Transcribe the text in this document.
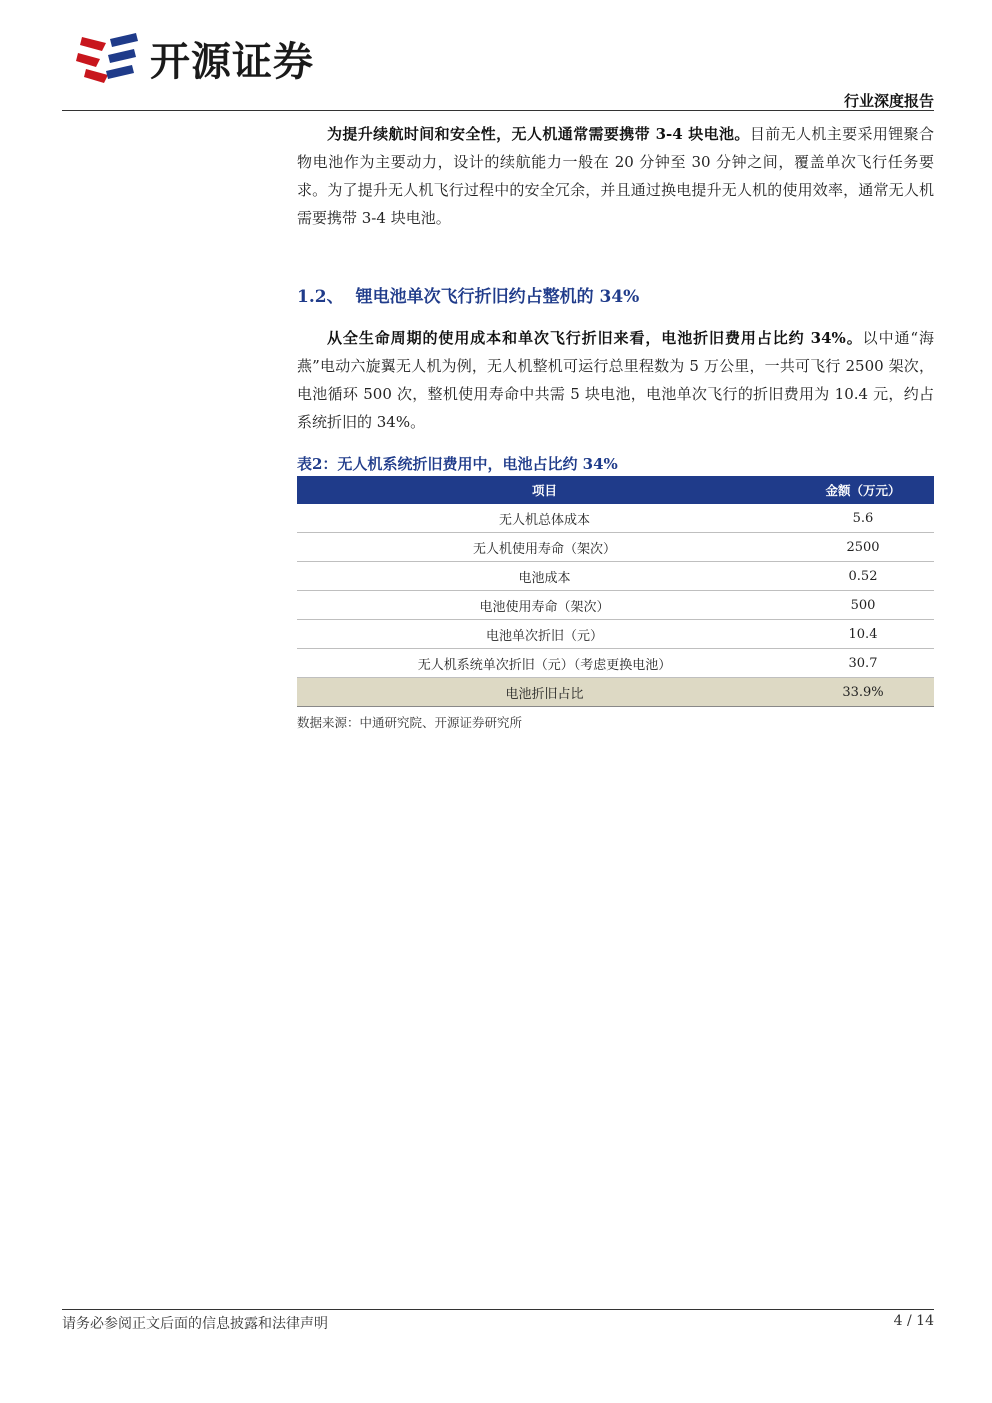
开源证券
行业深度报告

为提升续航时间和安全性，无人机通常需要携带 3-4 块电池。目前无人机主要采用锂聚合物电池作为主要动力，设计的续航能力一般在 20 分钟至 30 分钟之间，覆盖单次飞行任务要求。为了提升无人机飞行过程中的安全冗余，并且通过换电提升无人机的使用效率，通常无人机需要携带 3-4 块电池。

1.2、 锂电池单次飞行折旧约占整机的 34%

从全生命周期的使用成本和单次飞行折旧来看，电池折旧费用占比约 34%。以中通“海燕”电动六旋翼无人机为例，无人机整机可运行总里程数为 5 万公里，一共可飞行 2500 架次，电池循环 500 次，整机使用寿命中共需 5 块电池，电池单次飞行的折旧费用为 10.4 元，约占系统折旧的 34%。

表2：无人机系统折旧费用中，电池占比约 34%
项目	金额（万元）
无人机总体成本	5.6
无人机使用寿命（架次）	2500
电池成本	0.52
电池使用寿命（架次）	500
电池单次折旧（元）	10.4
无人机系统单次折旧（元）（考虑更换电池）	30.7
电池折旧占比	33.9%
数据来源：中通研究院、开源证券研究所
请务必参阅正文后面的信息披露和法律声明	4 / 14
